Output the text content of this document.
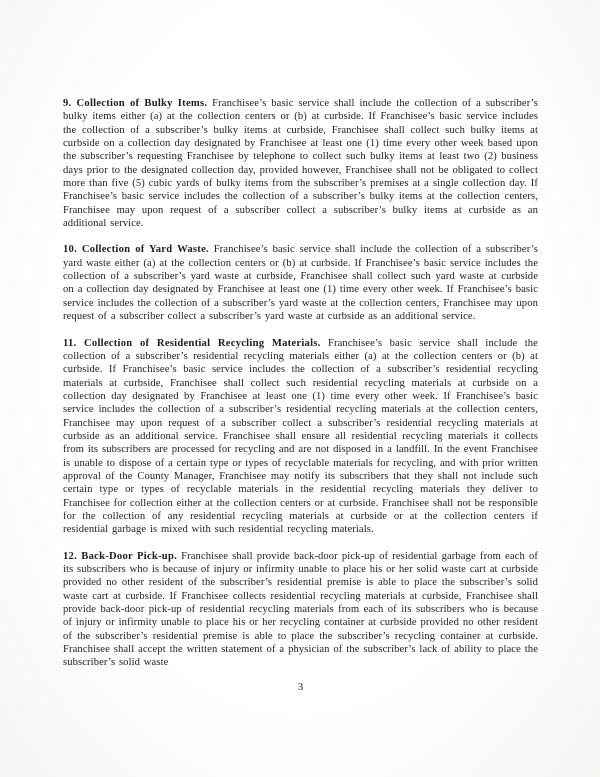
9. Collection of Bulky Items. Franchisee’s basic service shall include the collection of a subscriber’s bulky items either (a) at the collection centers or (b) at curbside. If Franchisee’s basic service includes the collection of a subscriber’s bulky items at curbside, Franchisee shall collect such bulky items at curbside on a collection day designated by Franchisee at least one (1) time every other week based upon the subscriber’s requesting Franchisee by telephone to collect such bulky items at least two (2) business days prior to the designated collection day, provided however, Franchisee shall not be obligated to collect more than five (5) cubic yards of bulky items from the subscriber’s premises at a single collection day. If Franchisee’s basic service includes the collection of a subscriber’s bulky items at the collection centers, Franchisee may upon request of a subscriber collect a subscriber’s bulky items at curbside as an additional service.

10. Collection of Yard Waste. Franchisee’s basic service shall include the collection of a subscriber’s yard waste either (a) at the collection centers or (b) at curbside. If Franchisee’s basic service includes the collection of a subscriber’s yard waste at curbside, Franchisee shall collect such yard waste at curbside on a collection day designated by Franchisee at least one (1) time every other week. If Franchisee’s basic service includes the collection of a subscriber’s yard waste at the collection centers, Franchisee may upon request of a subscriber collect a subscriber’s yard waste at curbside as an additional service.

11. Collection of Residential Recycling Materials. Franchisee’s basic service shall include the collection of a subscriber’s residential recycling materials either (a) at the collection centers or (b) at curbside. If Franchisee’s basic service includes the collection of a subscriber’s residential recycling materials at curbside, Franchisee shall collect such residential recycling materials at curbside on a collection day designated by Franchisee at least one (1) time every other week. If Franchisee’s basic service includes the collection of a subscriber’s residential recycling materials at the collection centers, Franchisee may upon request of a subscriber collect a subscriber’s residential recycling materials at curbside as an additional service. Franchisee shall ensure all residential recycling materials it collects from its subscribers are processed for recycling and are not disposed in a landfill. In the event Franchisee is unable to dispose of a certain type or types of recyclable materials for recycling, and with prior written approval of the County Manager, Franchisee may notify its subscribers that they shall not include such certain type or types of recyclable materials in the residential recycling materials they deliver to Franchisee for collection either at the collection centers or at curbside. Franchisee shall not be responsible for the collection of any residential recycling materials at curbside or at the collection centers if residential garbage is mixed with such residential recycling materials.

12. Back-Door Pick-up. Franchisee shall provide back-door pick-up of residential garbage from each of its subscribers who is because of injury or infirmity unable to place his or her solid waste cart at curbside provided no other resident of the subscriber’s residential premise is able to place the subscriber’s solid waste cart at curbside. If Franchisee collects residential recycling materials at curbside, Franchisee shall provide back-door pick-up of residential recycling materials from each of its subscribers who is because of injury or infirmity unable to place his or her recycling container at curbside provided no other resident of the subscriber’s residential premise is able to place the subscriber’s recycling container at curbside. Franchisee shall accept the written statement of a physician of the subscriber’s lack of ability to place the subscriber’s solid waste

3
